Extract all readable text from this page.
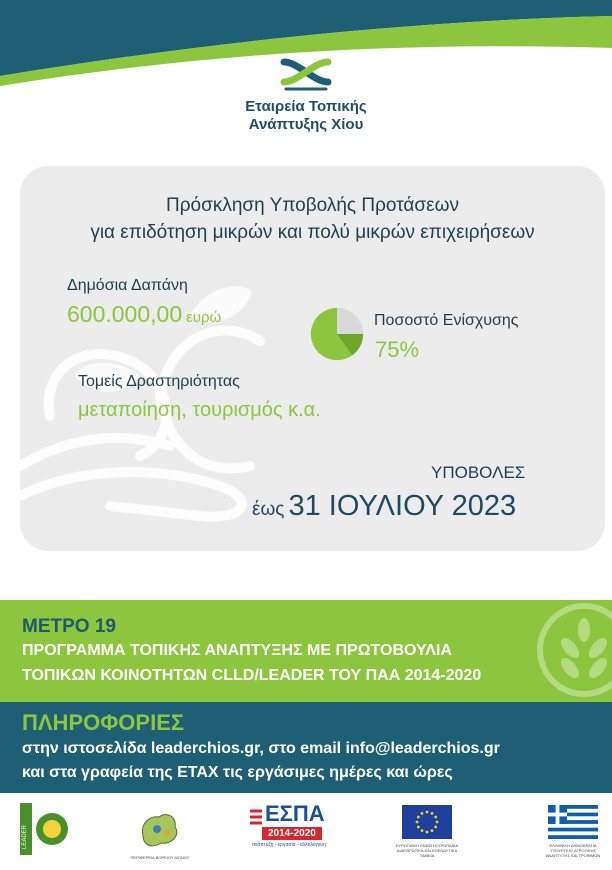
Εταιρεία Τοπικής
Ανάπτυξης Χίου
Πρόσκληση Υποβολής Προτάσεων
για επιδότηση μικρών και πολύ μικρών επιχειρήσεων
Δημόσια Δαπάνη
600.000,00 ευρώ	Ποσοστό Ενίσχυσης
75%
Τομείς Δραστηριότητας
μεταποίηση, τουρισμός κ.α.
ΥΠΟΒΟΛΕΣ
έως 31 ΙΟΥΛΙΟΥ 2023
ΜΕΤΡΟ 19
ΠΡΟΓΡΑΜΜΑ ΤΟΠΙΚΗΣ ΑΝΑΠΤΥΞΗΣ ΜΕ ΠΡΩΤΟΒΟΥΛΙΑ
ΤΟΠΙΚΩΝ ΚΟΙΝΟΤΗΤΩΝ CLLD/LEADER ΤΟΥ ΠΑΑ 2014-2020
ΠΛΗΡΟΦΟΡΙΕΣ
στην ιστοσελίδα leaderchios.gr, στο email info@leaderchios.gr
και στα γραφεία της ΕΤΑΧ τις εργάσιμες ημέρες και ώρες
LEADER
ΠΕΡΙΦΕΡΕΙΑ ΒΟΡΕΙΟΥ ΑΙΓΑΙΟΥ
ΕΣΠΑ
2014-2020
ανάπτυξη - εργασία - αλληλεγγύη	ΕΥΡΩΠΑΪΚΗ ΕΝΩΣΗ ΕΥΡΩΠΑΪΚΑ ΔΙΑΡΘΡΩΤΙΚΑ ΚΑΙ ΕΠΕΝΔΥΤΙΚΑ ΤΑΜΕΙΑ
ΕΛΛΗΝΙΚΗ ΔΗΜΟΚΡΑΤΙΑ ΥΠΟΥΡΓΕΙΟ ΑΓΡΟΤΙΚΗΣ ΑΝΑΠΤΥΞΗΣ ΚΑΙ ΤΡΟΦΙΜΩΝ
